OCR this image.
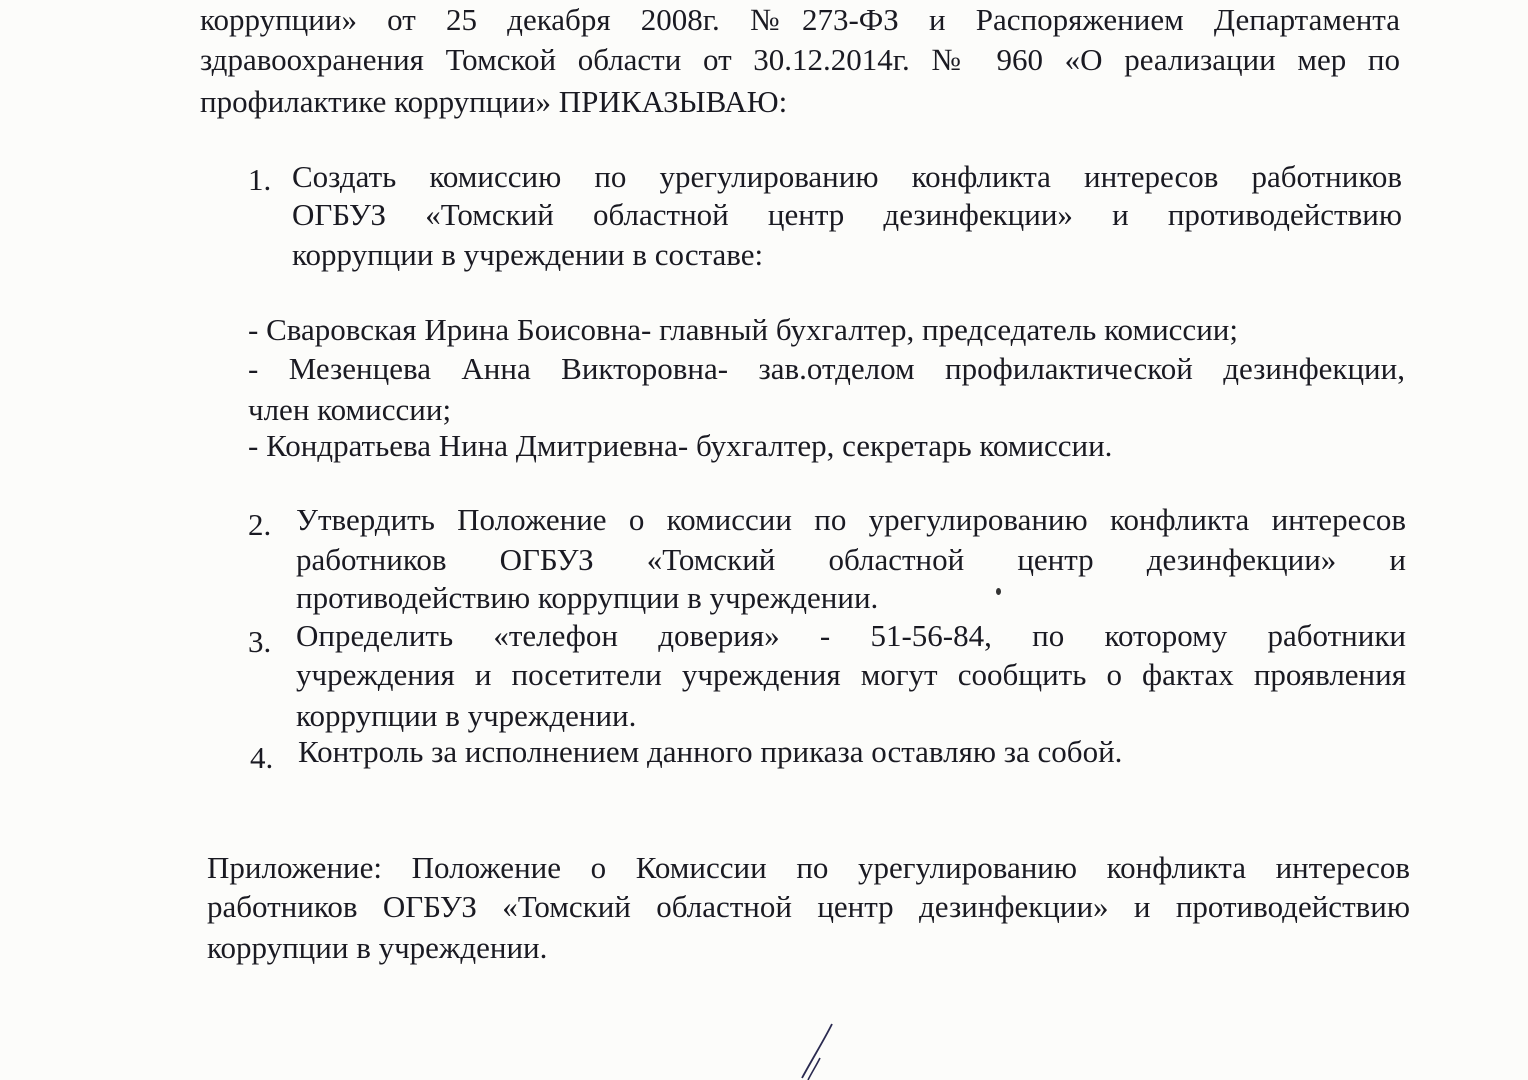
коррупции» от 25 декабря 2008г. №273-ФЗ и Распоряжением Департамента

здравоохранения Томской области от 30.12.2014г. № 960 «О реализации мер по

профилактике коррупции» ПРИКАЗЫВАЮ:

1. Создать комиссию по урегулированию конфликта интересов работников

ОГБУЗ «Томский областной центр дезинфекции» и противодействию

коррупции в учреждении в составе:

- Сваровская Ирина Боисовна- главный бухгалтер, председатель комиссии;

- Мезенцева Анна Викторовна- зав.отделом профилактической дезинфекции,

член комиссии;

- Кондратьева Нина Дмитриевна- бухгалтер, секретарь комиссии.

2. Утвердить Положение о комиссии по урегулированию конфликта интересов

работников ОГБУЗ «Томский областной центр дезинфекции» и

противодействию коррупции в учреждении.

3. Определить «телефон доверия» - 51-56-84, по которому работники

учреждения и посетители учреждения могут сообщить о фактах проявления

коррупции в учреждении.

4. Контроль за исполнением данного приказа оставляю за собой.

Приложение: Положение о Комиссии по урегулированию конфликта интересов

работников ОГБУЗ «Томский областной центр дезинфекции» и противодействию

коррупции в учреждении.
